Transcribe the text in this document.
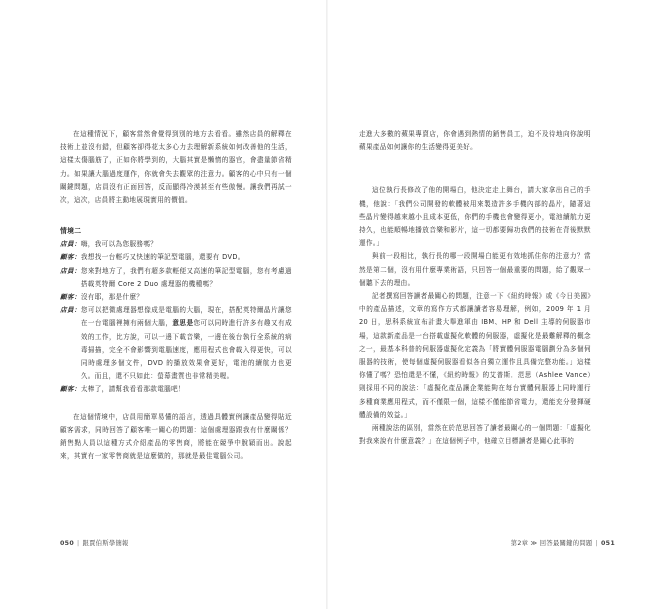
在這種情況下，顧客當然會覺得到別的地方去看看。雖然店員的解釋在技術上並沒有錯，但顧客卻得花太多心力去理解新系統如何改善他的生活，這樣太傷腦筋了，正如你將學到的，大腦其實是懶惰的器官，會盡量節省精力。如果讓大腦過度運作，你就會失去觀眾的注意力。顧客的心中只有一個關鍵問題，店員沒有正面回答，反而顯得冷漠甚至有些傲慢。讓我們再試一次，這次，店員將主動地展現實用的價值。

情境二

店員： 嗨，我可以為您服務嗎？
顧客： 我想找一台輕巧又快速的筆記型電腦，還要有 DVD。
店員： 您來對地方了，我們有超多款輕便又高速的筆記型電腦，您有考慮過搭載英特爾 Core 2 Duo 處理器的機種嗎？
顧客： 沒有耶，那是什麼？
店員： 您可以把微處理器想像成是電腦的大腦，現在，搭配英特爾晶片讓您在一台電腦裡擁有兩個大腦，意思是您可以同時進行許多有趣又有成效的工作，比方說，可以一邊下載音樂，一邊在後台執行全系統的病毒掃描，完全不會影響到電腦速度，應用程式也會載入得更快，可以同時處理多個文件，DVD 的播放效果會更好，電池的續航力也更久。而且，還不只如此：螢幕畫質也非常精美喔。
顧客： 太棒了，請幫我看看那款電腦吧！

在這個情境中，店員用簡單易懂的語言，透過具體實例讓產品變得貼近顧客需求，同時回答了顧客唯一關心的問題：這個處理器跟我有什麼關係？銷售點人員以這種方式介紹產品的零售商，將能在競爭中脫穎而出。說起來，其實有一家零售商就是這麼做的，那就是最佳電腦公司。

050 | 跟賈伯斯學簡報

走進大多數的蘋果專賣店，你會遇到熱情的銷售員工，迫不及待地向你說明蘋果產品如何讓你的生活變得更美好。

這位執行長修改了他的開場白，他決定走上舞台，請大家拿出自己的手機，他說：「我們公司開發的軟體被用來製造許多手機內部的晶片，隨著這些晶片變得越來越小且成本更低，你們的手機也會變得更小，電池續航力更持久，也能順暢地播放音樂和影片，這一切都要歸功我們的技術在背後默默運作。」

與前一段相比，執行長的哪一段開場白能更有效地抓住你的注意力？當然是第二個，沒有用什麼專業術語，只回答一個最重要的問題，給了觀眾一個聽下去的理由。

記者撰寫回答讀者最關心的問題，注意一下《紐約時報》或《今日美國》中的產品描述，文章的寫作方式都讓讀者容易理解，例如，2009 年 1 月 20 日，思科系統宣布計畫大舉進軍由 IBM、HP 和 Dell 主導的伺服器市場，這款新產品是一台搭載虛擬化軟體的伺服器，虛擬化是最難解釋的概念之一，最基本科普的伺服器虛擬化定義為「將實體伺服器電腦劃分為多個伺服器的技術，使每個虛擬伺服器看似各自獨立運作且具備完整功能。」這樣你懂了嗎？恐怕還是不懂，《紐約時報》的艾普斯．范思（Ashlee Vance）則採用不同的說法：「虛擬化產品讓企業能夠在每台實體伺服器上同時運行多種商業應用程式，而不僅限一個，這樣不僅能節省電力，還能充分發揮硬體設備的效益。」

兩種說法的區別，當然在於范思回答了讀者最關心的一個問題：「虛擬化對我來說有什麼意義？」在這個例子中，他確立目標讀者是關心此事的

第2章 ≫ 回答最關鍵的問題 | 051
